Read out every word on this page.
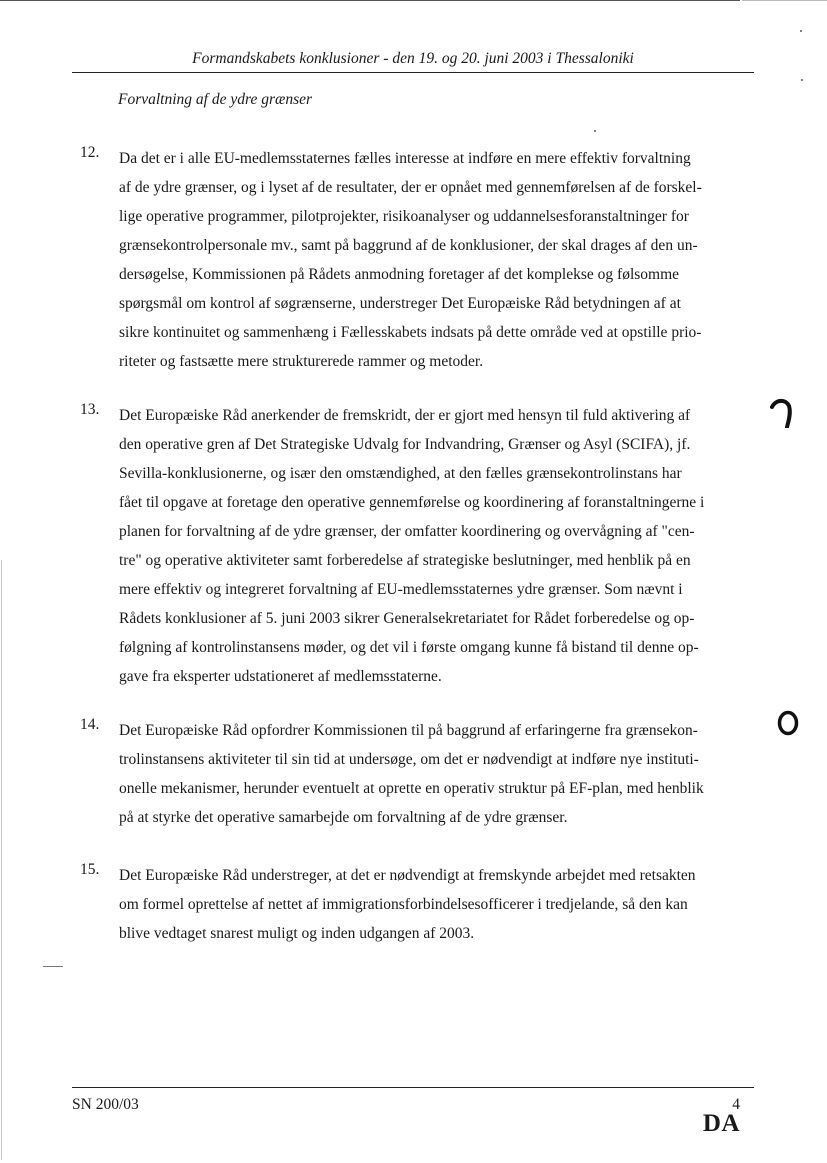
Formandskabets konklusioner - den 19. og 20. juni 2003 i Thessaloniki
Forvaltning af de ydre grænser
12.	Da det er i alle EU-medlemsstaternes fælles interesse at indføre en mere effektiv forvaltning
af de ydre grænser, og i lyset af de resultater, der er opnået med gennemførelsen af de forskel-
lige operative programmer, pilotprojekter, risikoanalyser og uddannelsesforanstaltninger for
grænsekontrolpersonale mv., samt på baggrund af de konklusioner, der skal drages af den un-
dersøgelse, Kommissionen på Rådets anmodning foretager af det komplekse og følsomme
spørgsmål om kontrol af søgrænserne, understreger Det Europæiske Råd betydningen af at
sikre kontinuitet og sammenhæng i Fællesskabets indsats på dette område ved at opstille prio-
riteter og fastsætte mere strukturerede rammer og metoder.
13.	Det Europæiske Råd anerkender de fremskridt, der er gjort med hensyn til fuld aktivering af
den operative gren af Det Strategiske Udvalg for Indvandring, Grænser og Asyl (SCIFA), jf.
Sevilla-konklusionerne, og især den omstændighed, at den fælles grænsekontrolinstans har
fået til opgave at foretage den operative gennemførelse og koordinering af foranstaltningerne i
planen for forvaltning af de ydre grænser, der omfatter koordinering og overvågning af "cen-
tre" og operative aktiviteter samt forberedelse af strategiske beslutninger, med henblik på en
mere effektiv og integreret forvaltning af EU-medlemsstaternes ydre grænser. Som nævnt i
Rådets konklusioner af 5. juni 2003 sikrer Generalsekretariatet for Rådet forberedelse og op-
følgning af kontrolinstansens møder, og det vil i første omgang kunne få bistand til denne op-
gave fra eksperter udstationeret af medlemsstaterne.
14.	Det Europæiske Råd opfordrer Kommissionen til på baggrund af erfaringerne fra grænsekon-
trolinstansens aktiviteter til sin tid at undersøge, om det er nødvendigt at indføre nye instituti-
onelle mekanismer, herunder eventuelt at oprette en operativ struktur på EF-plan, med henblik
på at styrke det operative samarbejde om forvaltning af de ydre grænser.
15.	Det Europæiske Råd understreger, at det er nødvendigt at fremskynde arbejdet med retsakten
om formel oprettelse af nettet af immigrationsforbindelsesofficerer i tredjelande, så den kan
blive vedtaget snarest muligt og inden udgangen af 2003.
SN 200/03	4
DA
